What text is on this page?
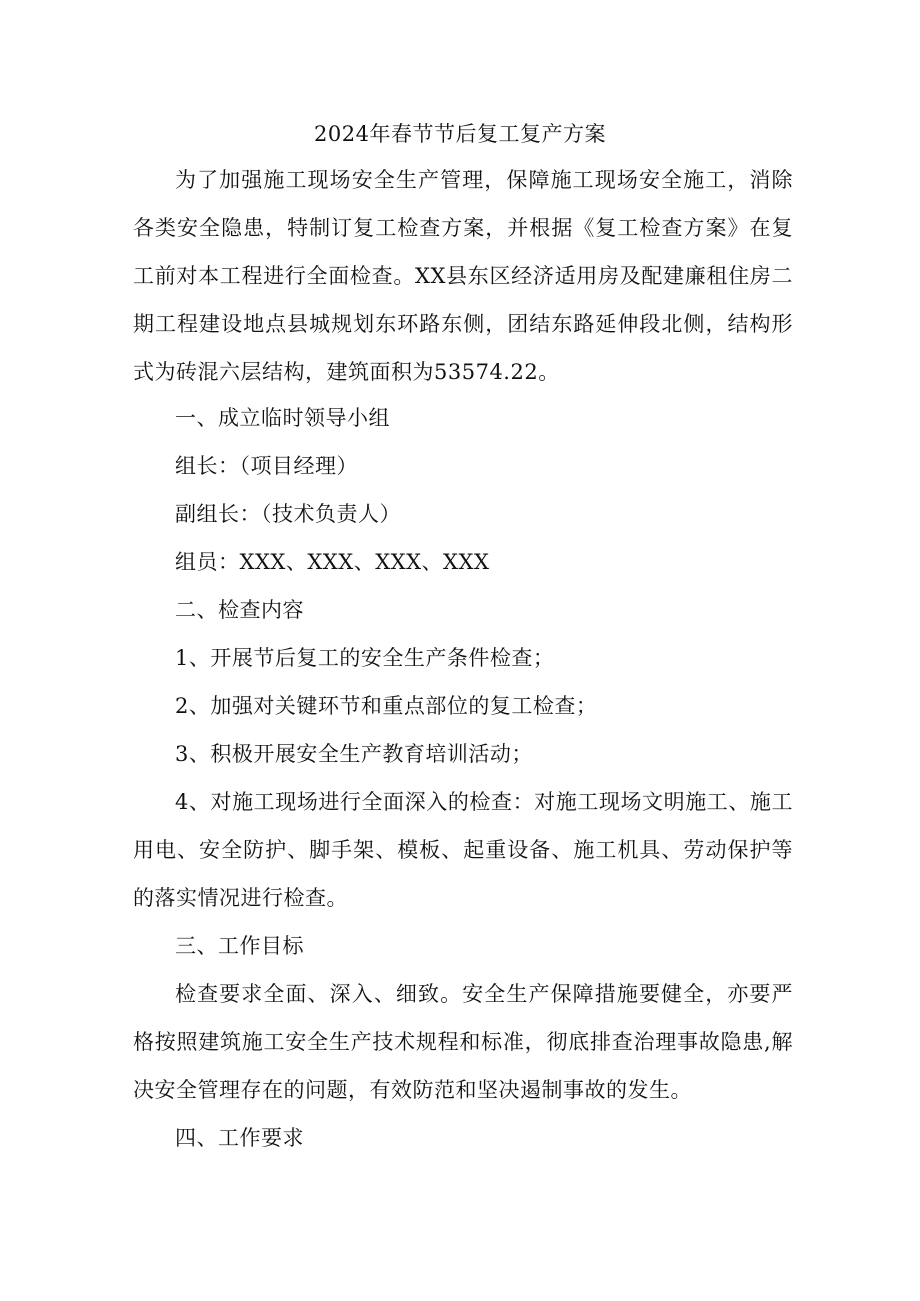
2024年春节节后复工复产方案

为了加强施工现场安全生产管理，保障施工现场安全施工，消除各类安全隐患，特制订复工检查方案，并根据《复工检查方案》在复工前对本工程进行全面检查。XX县东区经济适用房及配建廉租住房二期工程建设地点县城规划东环路东侧，团结东路延伸段北侧，结构形式为砖混六层结构，建筑面积为53574.22。

一、成立临时领导小组
组长：（项目经理）
副组长：（技术负责人）
组员：XXX、XXX、XXX、XXX
二、检查内容
1、开展节后复工的安全生产条件检查；
2、加强对关键环节和重点部位的复工检查；
3、积极开展安全生产教育培训活动；

4、对施工现场进行全面深入的检查：对施工现场文明施工、施工用电、安全防护、脚手架、模板、起重设备、施工机具、劳动保护等的落实情况进行检查。

三、工作目标

检查要求全面、深入、细致。安全生产保障措施要健全，亦要严格按照建筑施工安全生产技术规程和标准，彻底排查治理事故隐患,解决安全管理存在的问题，有效防范和坚决遏制事故的发生。

四、工作要求
